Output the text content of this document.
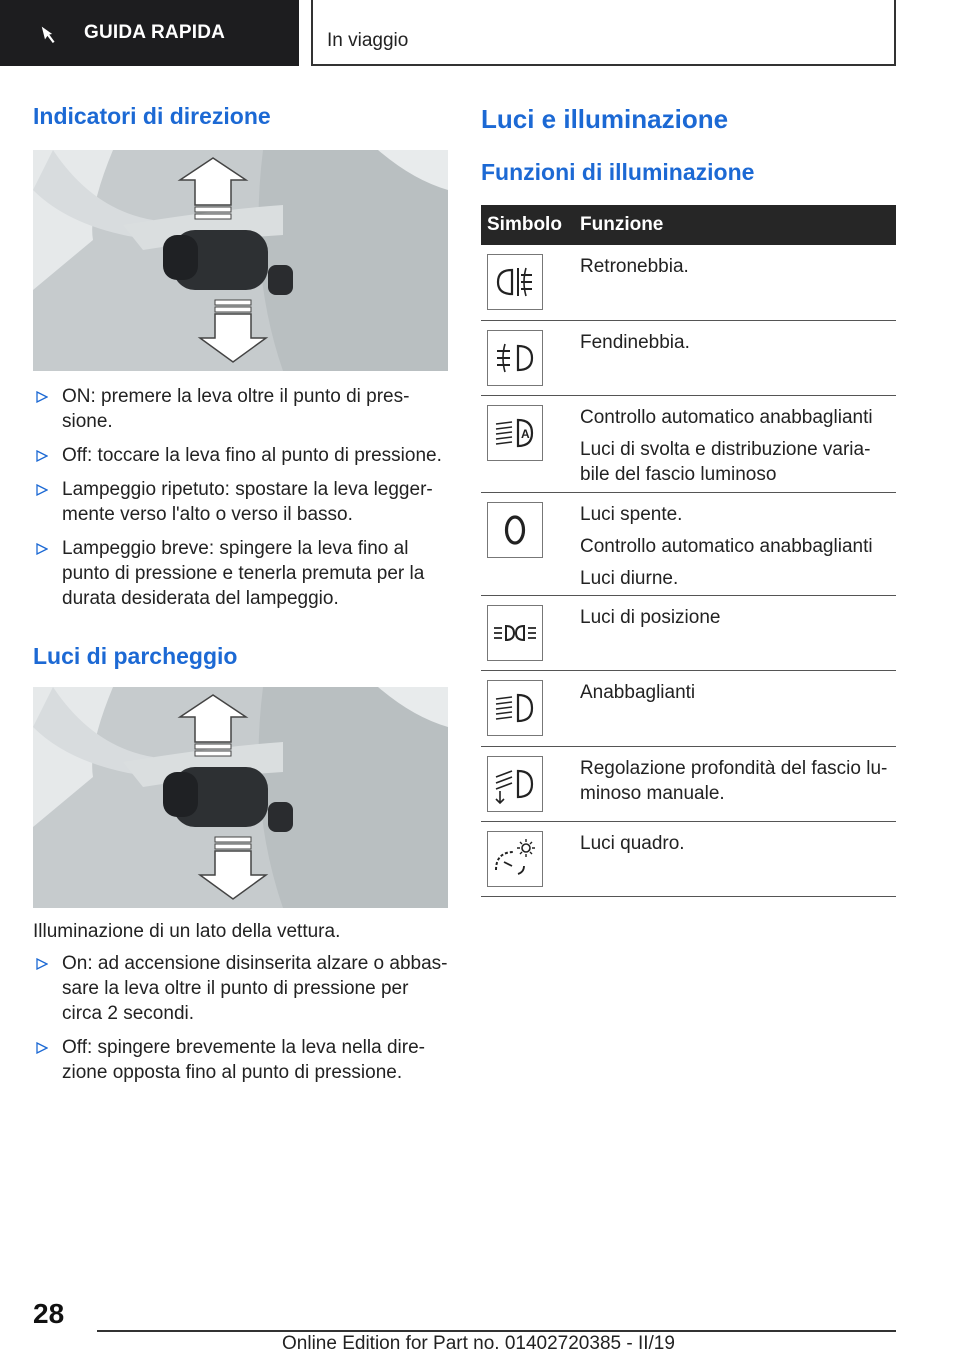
GUIDA RAPIDA	In viaggio
Indicatori di direzione
ON: premere la leva oltre il punto di pres-sione.
Off: toccare la leva fino al punto di pressione.
Lampeggio ripetuto: spostare la leva legger-mente verso l'alto o verso il basso.
Lampeggio breve: spingere la leva fino al punto di pressione e tenerla premuta per la durata desiderata del lampeggio.
Luci di parcheggio

Illuminazione di un lato della vettura.

On: ad accensione disinserita alzare o abbas-sare la leva oltre il punto di pressione per circa 2 secondi.
Off: spingere brevemente la leva nella dire-zione opposta fino al punto di pressione.
Luci e illuminazione
Funzioni di illuminazione
Simbolo Funzione

Retronebbia.

Fendinebbia.

A

Controllo automatico anabbaglianti

Luci di svolta e distribuzione varia-bile del fascio luminoso

Luci spente.

Controllo automatico anabbaglianti

Luci diurne.

Luci di posizione

Anabbaglianti

Regolazione profondità del fascio lu-minoso manuale.

Luci quadro.

28
Online Edition for Part no. 01402720385 - II/19
